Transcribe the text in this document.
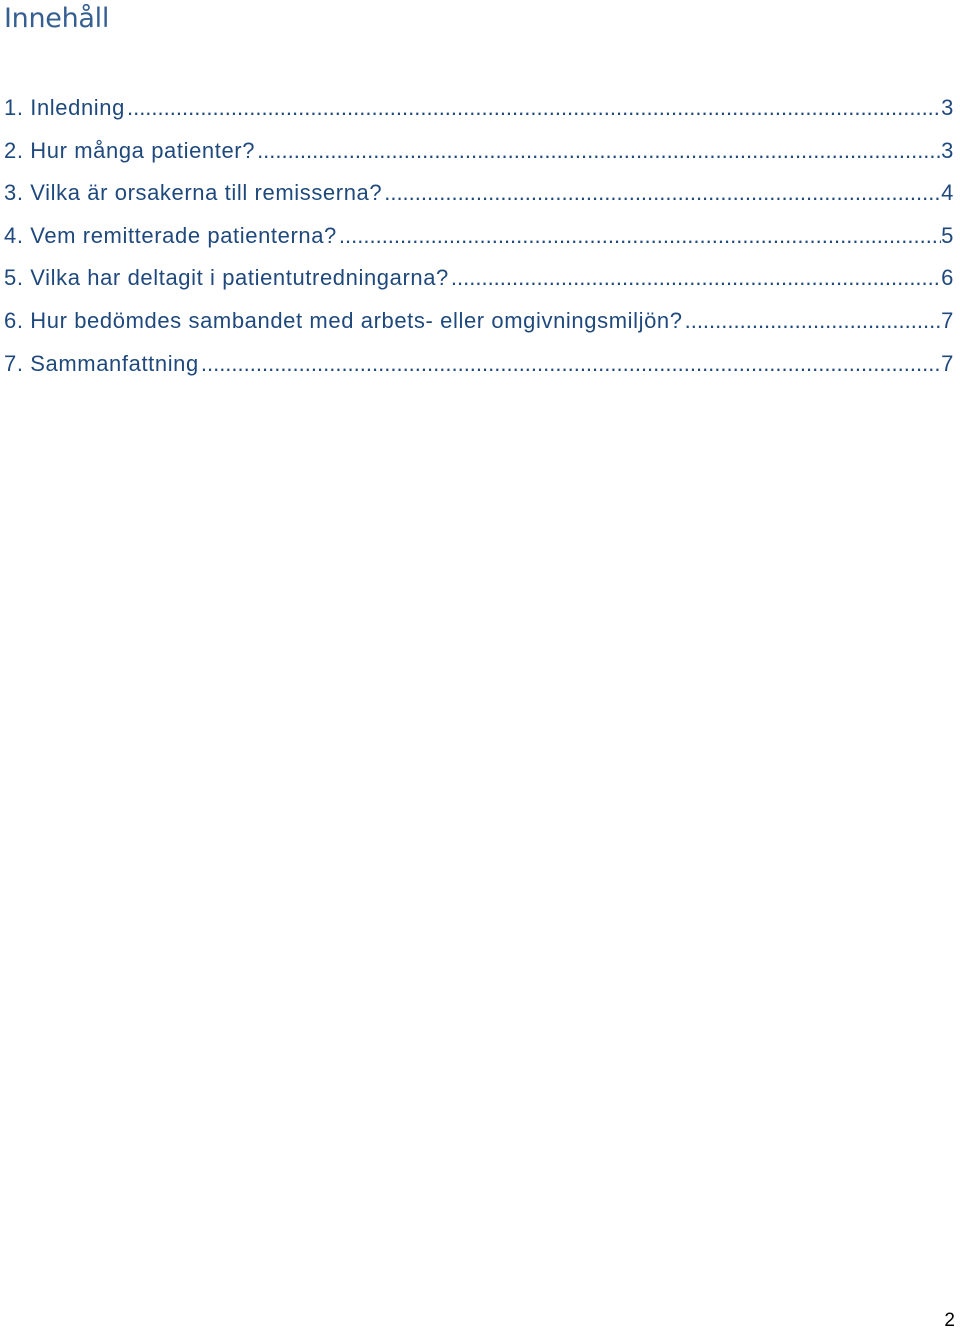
Innehåll
1. Inledning .....	3
2. Hur många patienter? .....	3
3. Vilka är orsakerna till remisserna? .....	4
4. Vem remitterade patienterna? .....	5
5. Vilka har deltagit i patientutredningarna? .....	6
6. Hur bedömdes sambandet med arbets- eller omgivningsmiljön? .....	7
7. Sammanfattning .....	7
2
